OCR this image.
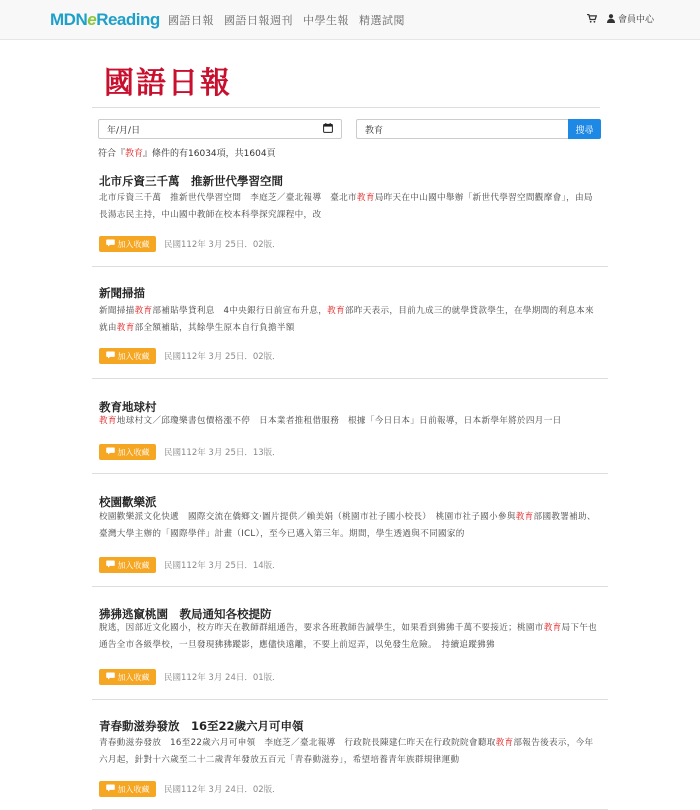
MDNeReading 國語日報 國語日報週刊 中學生報 精選試閱	會員中心
國語日報
年/月/日	教育	搜尋
符合『教育』條件的有16034項，共1604頁
北市斥資三千萬　推新世代學習空間
北市斥資三千萬　推新世代學習空間　李庭芝／臺北報導　臺北市教育局昨天在中山國中舉辦「新世代學習空間觀摩會」，由局長湯志民主持，中山國中教師在校本科學探究課程中，改
加入收藏 民國112年 3月 25日．02版．
新聞掃描
新聞掃描教育部補貼學貸利息　4中央銀行日前宣布升息，教育部昨天表示，目前九成三的就學貸款學生，在學期間的利息本來就由教育部全額補貼，其餘學生原本自行負擔半額
加入收藏 民國112年 3月 25日．02版．
教育地球村
教育地球村文／邱瓊樂書包價格漲不停　日本業者推租借服務　根據「今日日本」日前報導，日本新學年將於四月一日
加入收藏 民國112年 3月 25日．13版．
校園歡樂派
校園歡樂派文化快遞　國際交流在僑鄉文‧圖片提供／賴美娟（桃園市社子國小校長）　桃園市社子國小參與教育部國教署補助、臺灣大學主辦的「國際學伴」計畫（ICL），至今已邁入第三年。期間，學生透過與不同國家的
加入收藏 民國112年 3月 25日．14版．
狒狒逃竄桃園　教局通知各校提防
脫逃，因部近文化國小，校方昨天在教師群組通告，要求各班教師告誡學生，如果看到狒狒千萬不要接近；桃園市教育局下午也通告全市各級學校，一旦發現狒狒蹤影，應儘快遠離，不要上前逗弄，以免發生危險。　持續追蹤狒狒
加入收藏 民國112年 3月 24日．01版．
青春動滋券發放　16至22歲六月可申領
青春動滋券發放　16至22歲六月可申領　李庭芝／臺北報導　行政院長陳建仁昨天在行政院院會聽取教育部報告後表示，今年六月起，針對十六歲至二十二歲青年發放五百元「青春動滋券」，希望培養青年族群規律運動
加入收藏 民國112年 3月 24日．02版．
